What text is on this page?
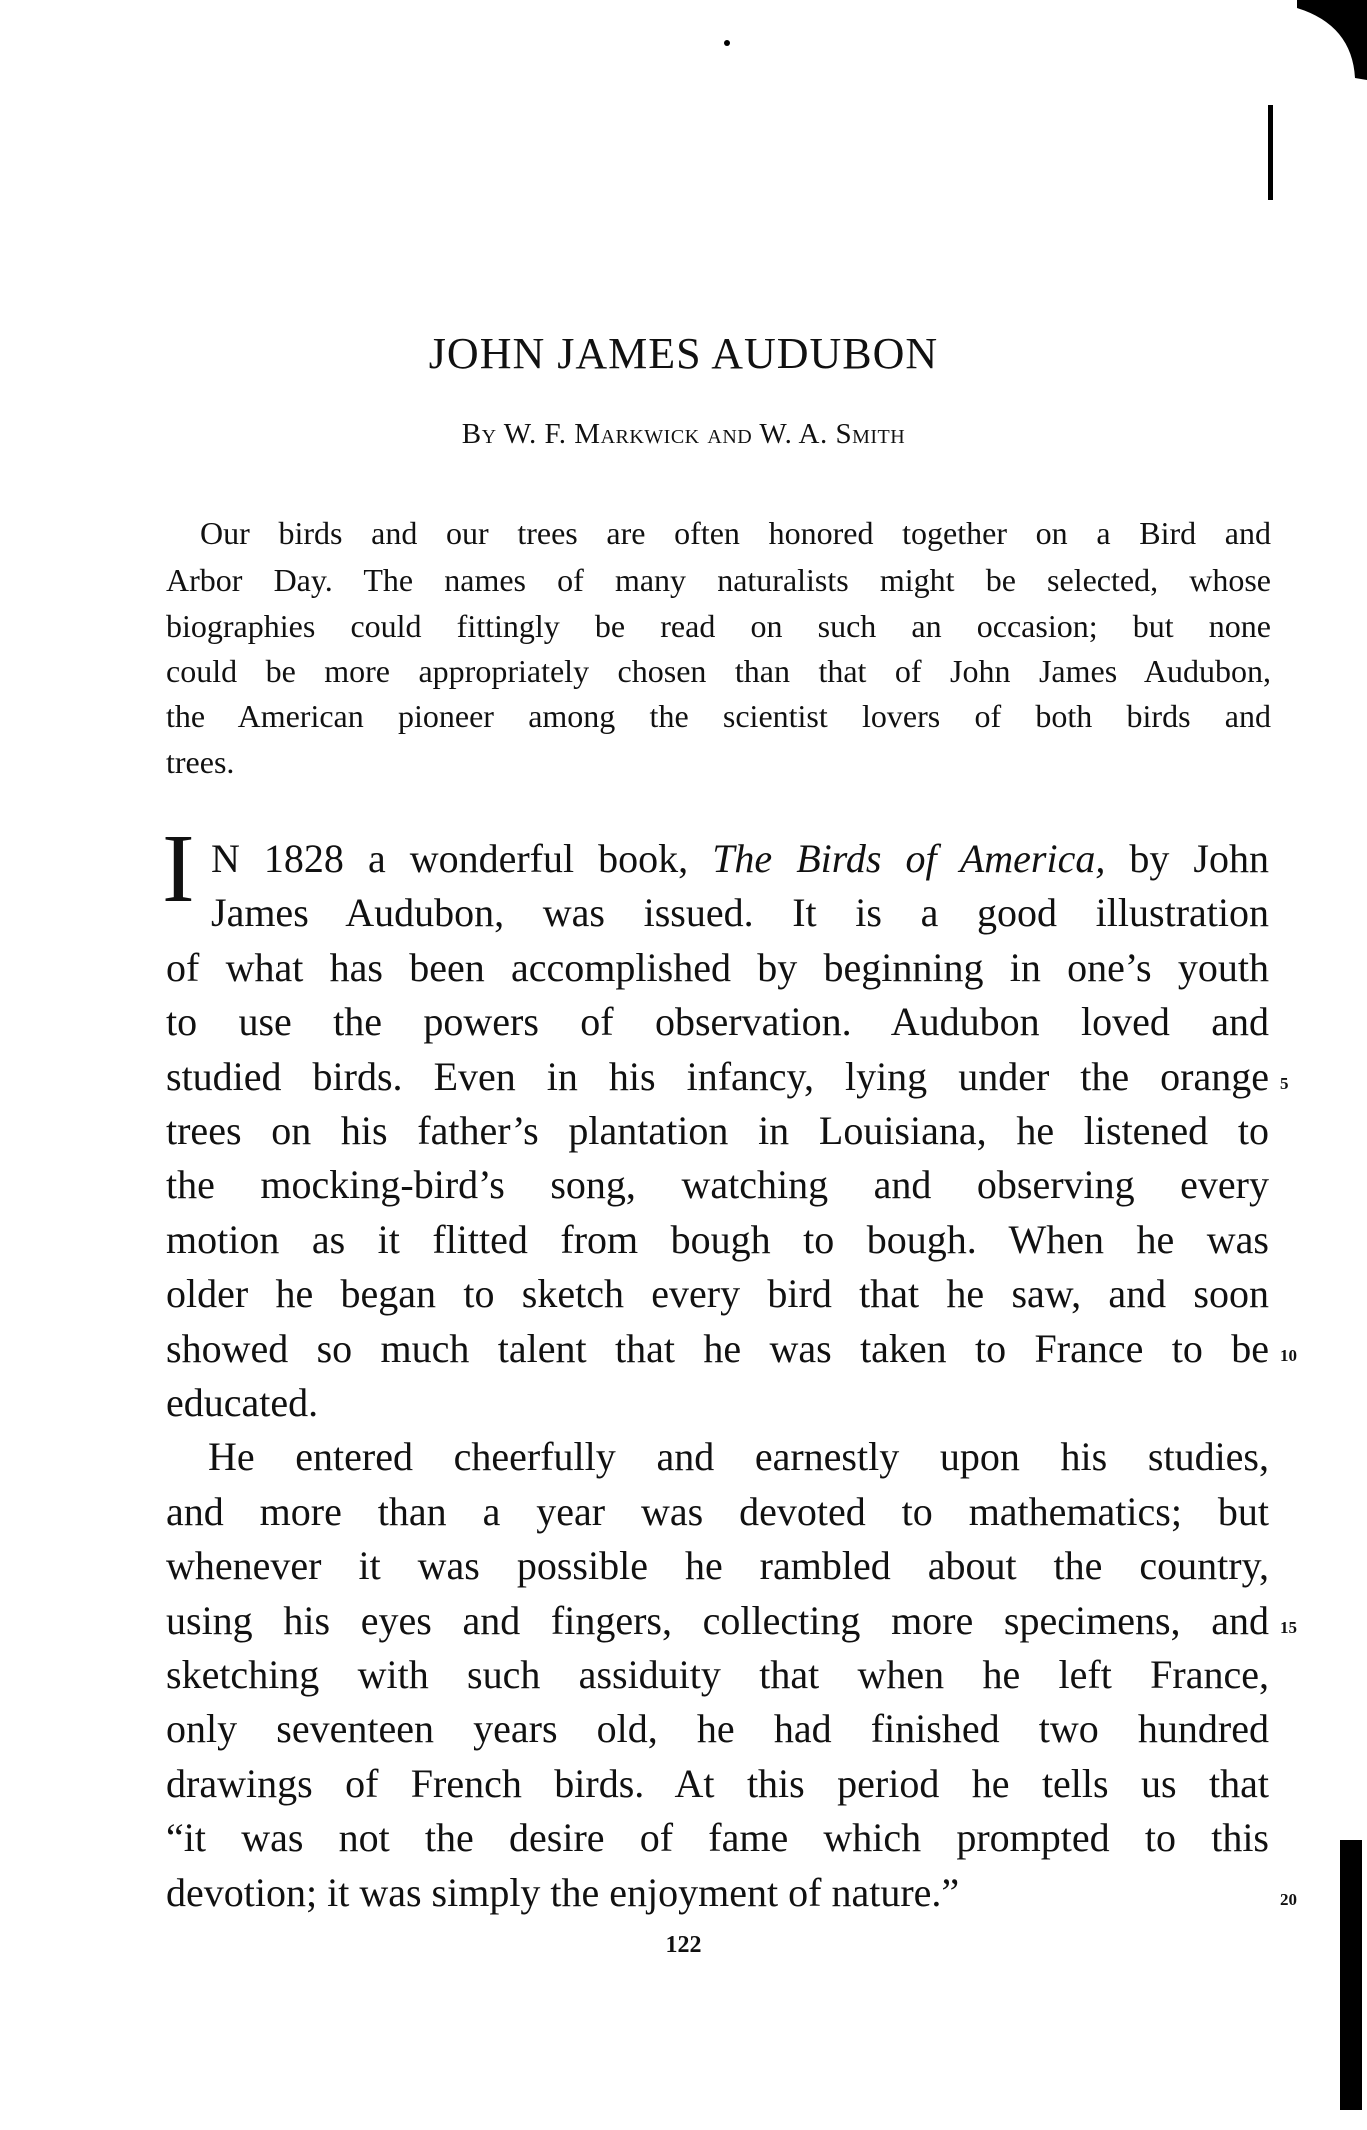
JOHN JAMES AUDUBON
By W. F. Markwick and W. A. Smith
Our birds and our trees are often honored together on a Bird and
Arbor Day. The names of many naturalists might be selected, whose
biographies could fittingly be read on such an occasion; but none
could be more appropriately chosen than that of John James Audubon,
the American pioneer among the scientist lovers of both birds and
trees.
I N 1828 a wonderful book, The Birds of America, by John
James Audubon, was issued. It is a good illustration
of what has been accomplished by beginning in one’s youth
to use the powers of observation. Audubon loved and
studied birds. Even in his infancy, lying under the orange 5
trees on his father’s plantation in Louisiana, he listened to
the mocking-bird’s song, watching and observing every
motion as it flitted from bough to bough. When he was
older he began to sketch every bird that he saw, and soon
showed so much talent that he was taken to France to be 10
educated.
He entered cheerfully and earnestly upon his studies,
and more than a year was devoted to mathematics; but
whenever it was possible he rambled about the country,
using his eyes and fingers, collecting more specimens, and 15
sketching with such assiduity that when he left France,
only seventeen years old, he had finished two hundred
drawings of French birds. At this period he tells us that
“it was not the desire of fame which prompted to this
devotion; it was simply the enjoyment of nature.”	20
122
